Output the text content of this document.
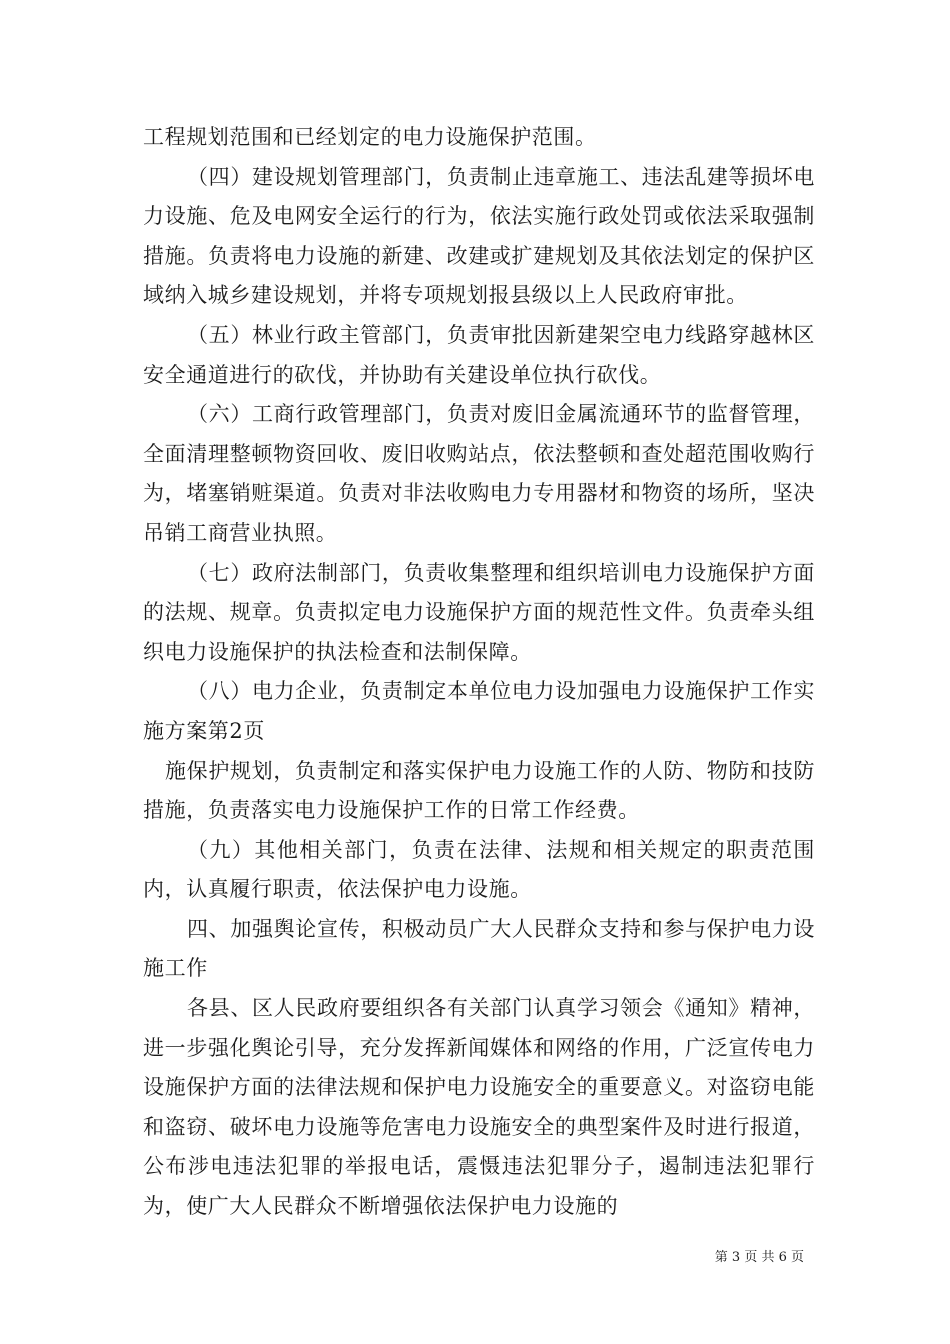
工程规划范围和已经划定的电力设施保护范围。

（四）建设规划管理部门，负责制止违章施工、违法乱建等损坏电力设施、危及电网安全运行的行为，依法实施行政处罚或依法采取强制措施。负责将电力设施的新建、改建或扩建规划及其依法划定的保护区域纳入城乡建设规划，并将专项规划报县级以上人民政府审批。

（五）林业行政主管部门，负责审批因新建架空电力线路穿越林区安全通道进行的砍伐，并协助有关建设单位执行砍伐。

（六）工商行政管理部门，负责对废旧金属流通环节的监督管理，全面清理整顿物资回收、废旧收购站点，依法整顿和查处超范围收购行为，堵塞销赃渠道。负责对非法收购电力专用器材和物资的场所，坚决吊销工商营业执照。

（七）政府法制部门，负责收集整理和组织培训电力设施保护方面的法规、规章。负责拟定电力设施保护方面的规范性文件。负责牵头组织电力设施保护的执法检查和法制保障。

（八）电力企业，负责制定本单位电力设加强电力设施保护工作实施方案第2页

施保护规划，负责制定和落实保护电力设施工作的人防、物防和技防措施，负责落实电力设施保护工作的日常工作经费。

（九）其他相关部门，负责在法律、法规和相关规定的职责范围内，认真履行职责，依法保护电力设施。

四、加强舆论宣传，积极动员广大人民群众支持和参与保护电力设施工作

各县、区人民政府要组织各有关部门认真学习领会《通知》精神，进一步强化舆论引导，充分发挥新闻媒体和网络的作用，广泛宣传电力设施保护方面的法律法规和保护电力设施安全的重要意义。对盗窃电能和盗窃、破坏电力设施等危害电力设施安全的典型案件及时进行报道，公布涉电违法犯罪的举报电话，震慑违法犯罪分子，遏制违法犯罪行为，使广大人民群众不断增强依法保护电力设施的

第 3 页 共 6 页
